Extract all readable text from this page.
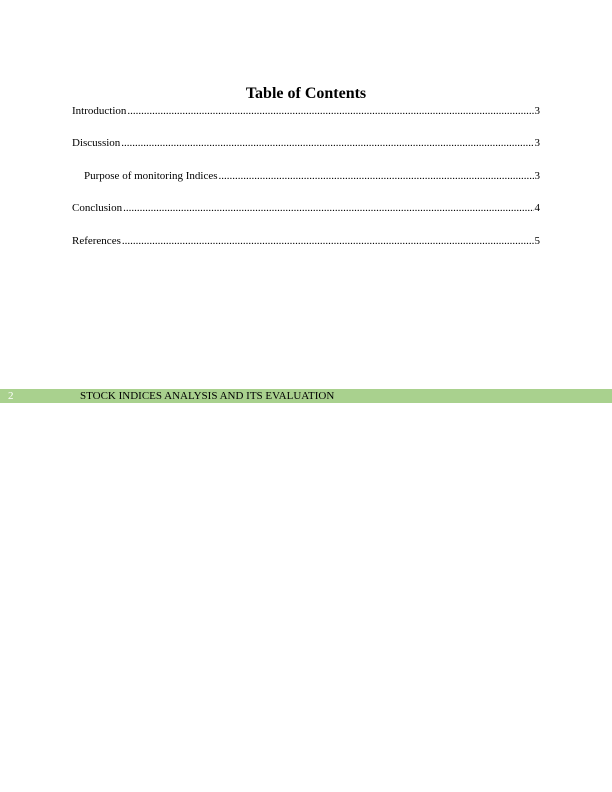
Table of Contents
Introduction .....	3
Discussion .....	3
Purpose of monitoring Indices .....	3
Conclusion .....	4
References .....	5
2	STOCK INDICES ANALYSIS AND ITS EVALUATION
